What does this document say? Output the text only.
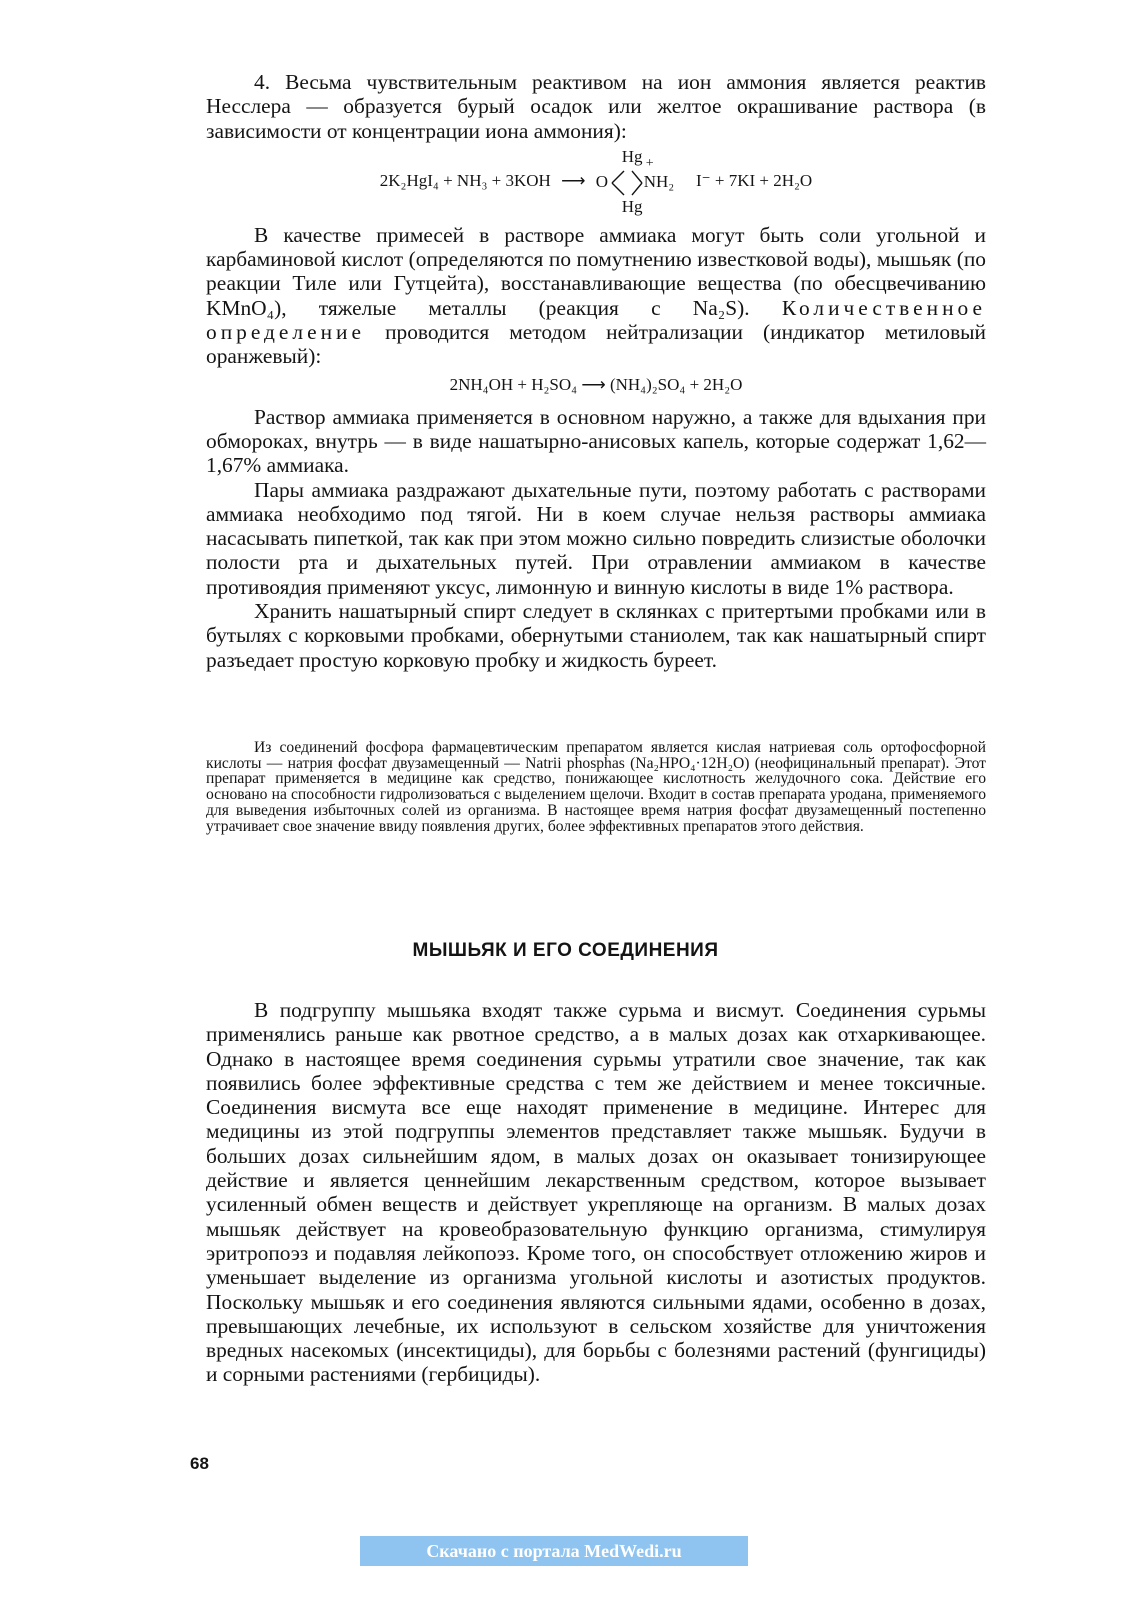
4. Весьма чувствительным реактивом на ион аммония является реактив Несслера — образуется бурый осадок или желтое окрашивание раствора (в зависимости от концентрации иона аммония):

2K₂HgI₄ + NH₃ + 3KOH ⟶ O
Hg +
NH₂
Hg
I⁻ + 7KI + 2H₂O

В качестве примесей в растворе аммиака могут быть соли угольной и карбаминовой кислот (определяются по помутнению известковой воды), мышьяк (по реакции Тиле или Гутцейта), восстанавливающие вещества (по обесцвечиванию KMnO₄), тяжелые металлы (реакция с Na₂S). Количественное определение проводится методом нейтрализации (индикатор метиловый оранжевый):

2NH₄OH + H₂SO₄ ⟶ (NH₄)₂SO₄ + 2H₂O

Раствор аммиака применяется в основном наружно, а также для вдыхания при обмороках, внутрь — в виде нашатырно-анисовых капель, которые содержат 1,62—1,67% аммиака.

Пары аммиака раздражают дыхательные пути, поэтому работать с растворами аммиака необходимо под тягой. Ни в коем случае нельзя растворы аммиака насасывать пипеткой, так как при этом можно сильно повредить слизистые оболочки полости рта и дыхательных путей. При отравлении аммиаком в качестве противоядия применяют уксус, лимонную и винную кислоты в виде 1% раствора.

Хранить нашатырный спирт следует в склянках с притертыми пробками или в бутылях с корковыми пробками, обернутыми станиолем, так как нашатырный спирт разъедает простую корковую пробку и жидкость буреет.

Из соединений фосфора фармацевтическим препаратом является кислая натриевая соль ортофосфорной кислоты — натрия фосфат двузамещенный — Natrii phosphas (Na₂HPO₄·12H₂O) (неофицинальный препарат). Этот препарат применяется в медицине как средство, понижающее кислотность желудочного сока. Действие его основано на способности гидролизоваться с выделением щелочи. Входит в состав препарата уродана, применяемого для выведения избыточных солей из организма. В настоящее время натрия фосфат двузамещенный постепенно утрачивает свое значение ввиду появления других, более эффективных препаратов этого действия.

МЫШЬЯК И ЕГО СОЕДИНЕНИЯ

В подгруппу мышьяка входят также сурьма и висмут. Соединения сурьмы применялись раньше как рвотное средство, а в малых дозах как отхаркивающее. Однако в настоящее время соединения сурьмы утратили свое значение, так как появились более эффективные средства с тем же действием и менее токсичные. Соединения висмута все еще находят применение в медицине. Интерес для медицины из этой подгруппы элементов представляет также мышьяк. Будучи в больших дозах сильнейшим ядом, в малых дозах он оказывает тонизирующее действие и является ценнейшим лекарственным средством, которое вызывает усиленный обмен веществ и действует укрепляюще на организм. В малых дозах мышьяк действует на кровеобразовательную функцию организма, стимулируя эритропоэз и подавляя лейкопоэз. Кроме того, он способствует отложению жиров и уменьшает выделение из организма угольной кислоты и азотистых продуктов. Поскольку мышьяк и его соединения являются сильными ядами, особенно в дозах, превышающих лечебные, их используют в сельском хозяйстве для уничтожения вредных насекомых (инсектициды), для борьбы с болезнями растений (фунгициды) и сорными растениями (гербициды).

68
Скачано с портала MedWedi.ru
